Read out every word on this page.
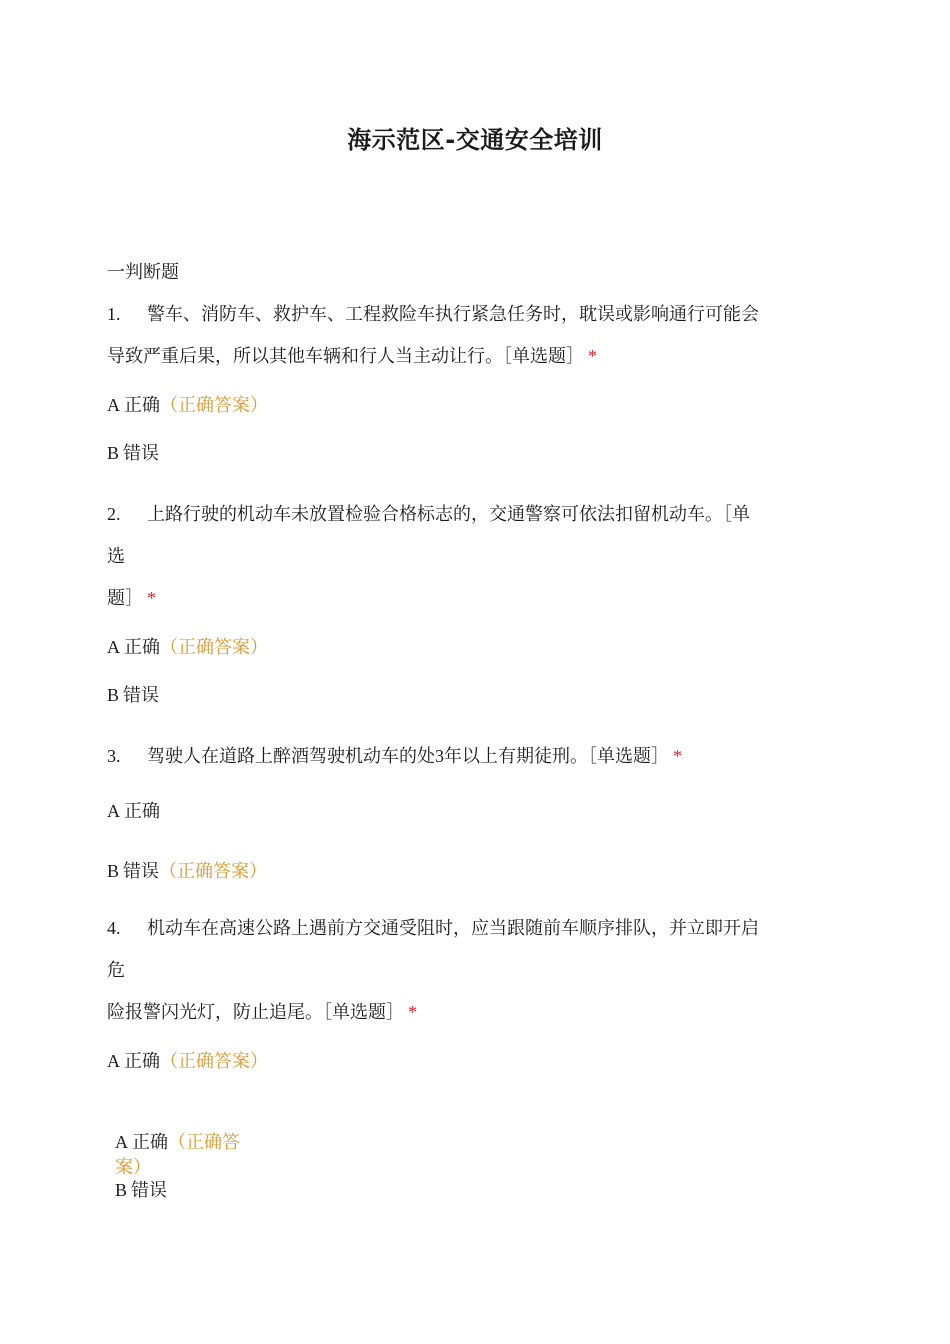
海示范区-交通安全培训
一判断题
1. 警车、消防车、救护车、工程救险车执行紧急任务时，耽误或影响通行可能会
导致严重后果，所以其他车辆和行人当主动让行。［单选题］ *
A 正确（正确答案）
B 错误
2. 上路行驶的机动车未放置检验合格标志的，交通警察可依法扣留机动车。［单
选
题］ *
A 正确（正确答案）
B 错误
3. 驾驶人在道路上醉酒驾驶机动车的处3年以上有期徒刑。［单选题］ *
A 正确
B 错误（正确答案）
4. 机动车在高速公路上遇前方交通受阻时，应当跟随前车顺序排队，并立即开启
危
险报警闪光灯，防止追尾。［单选题］ *
A 正确（正确答案）
A 正确（正确答
案）
B 错误
